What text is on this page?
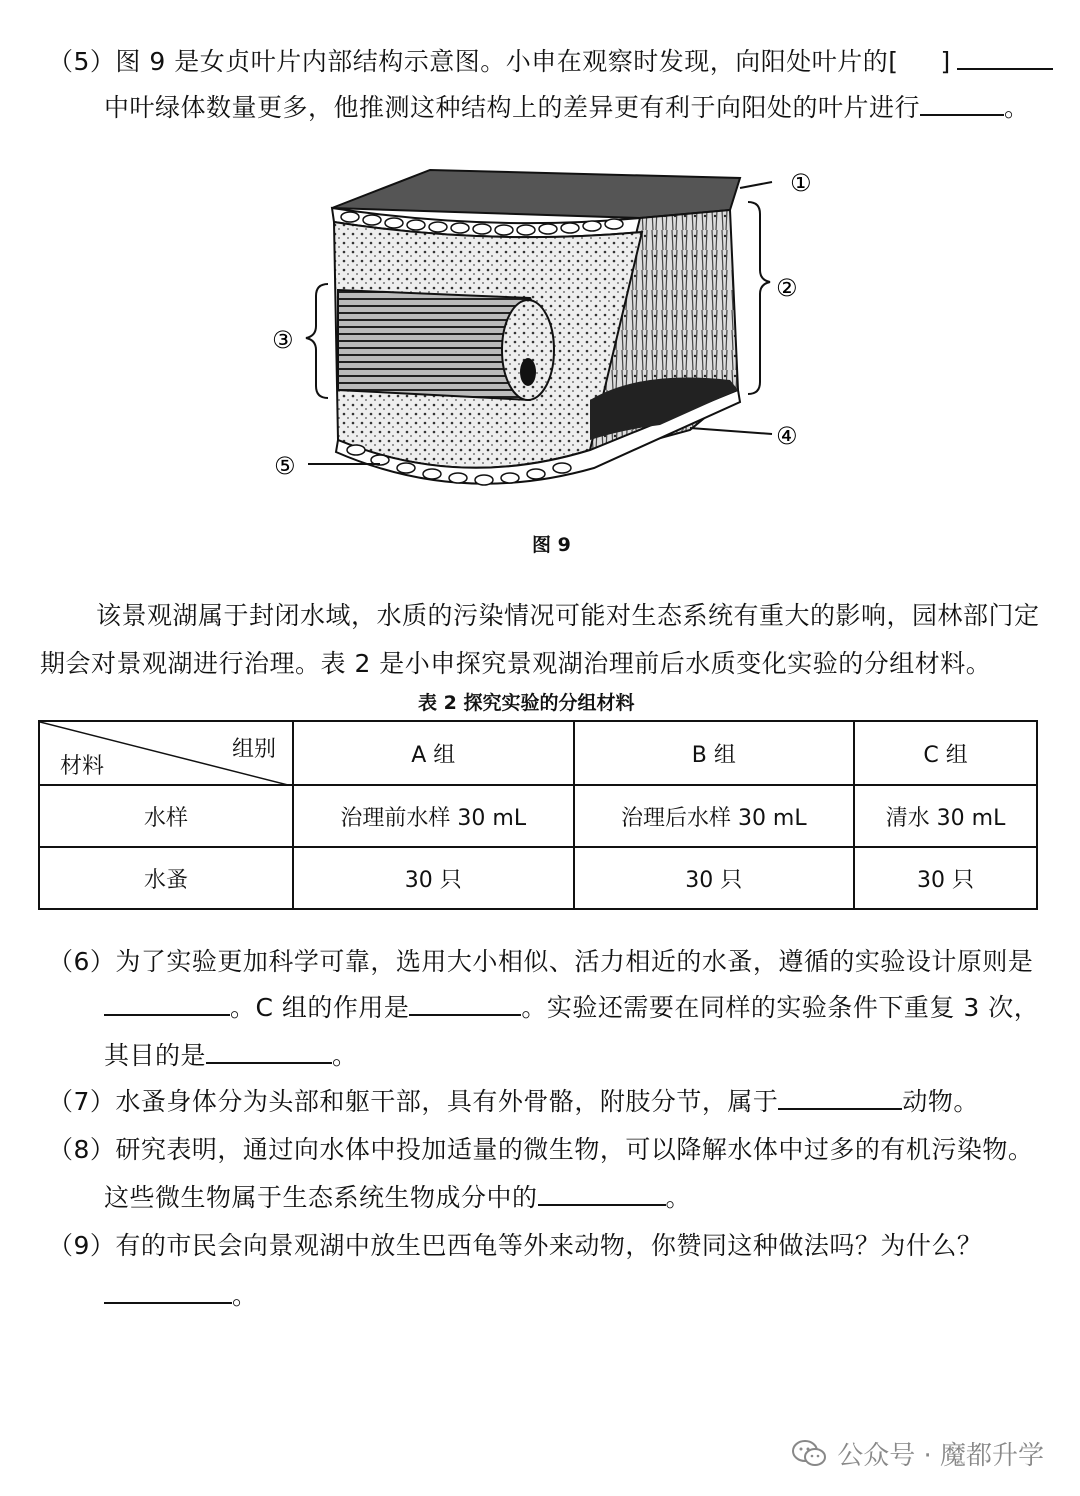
（5）图 9 是女贞叶片内部结构示意图。小申在观察时发现，向阳处叶片的[ ]
中叶绿体数量更多，他推测这种结构上的差异更有利于向阳处的叶片进行	。
①
②
③
④
⑤
图 9
该景观湖属于封闭水域，水质的污染情况可能对生态系统有重大的影响，园林部门定
期会对景观湖进行治理。表 2 是小申探究景观湖治理前后水质变化实验的分组材料。
表 2 探究实验的分组材料
组别
材料	A 组	B 组	C 组
水样	治理前水样 30 mL	治理后水样 30 mL	清水 30 mL
水蚤	30 只	30 只	30 只
（6）为了实验更加科学可靠，选用大小相似、活力相近的水蚤，遵循的实验设计原则是
。C 组的作用是	。实验还需要在同样的实验条件下重复 3 次，
其目的是	。
（7）水蚤身体分为头部和躯干部，具有外骨骼，附肢分节，属于	动物。
（8）研究表明，通过向水体中投加适量的微生物，可以降解水体中过多的有机污染物。
这些微生物属于生态系统生物成分中的	。
（9）有的市民会向景观湖中放生巴西龟等外来动物，你赞同这种做法吗？为什么？
。
公众号 · 魔都升学
